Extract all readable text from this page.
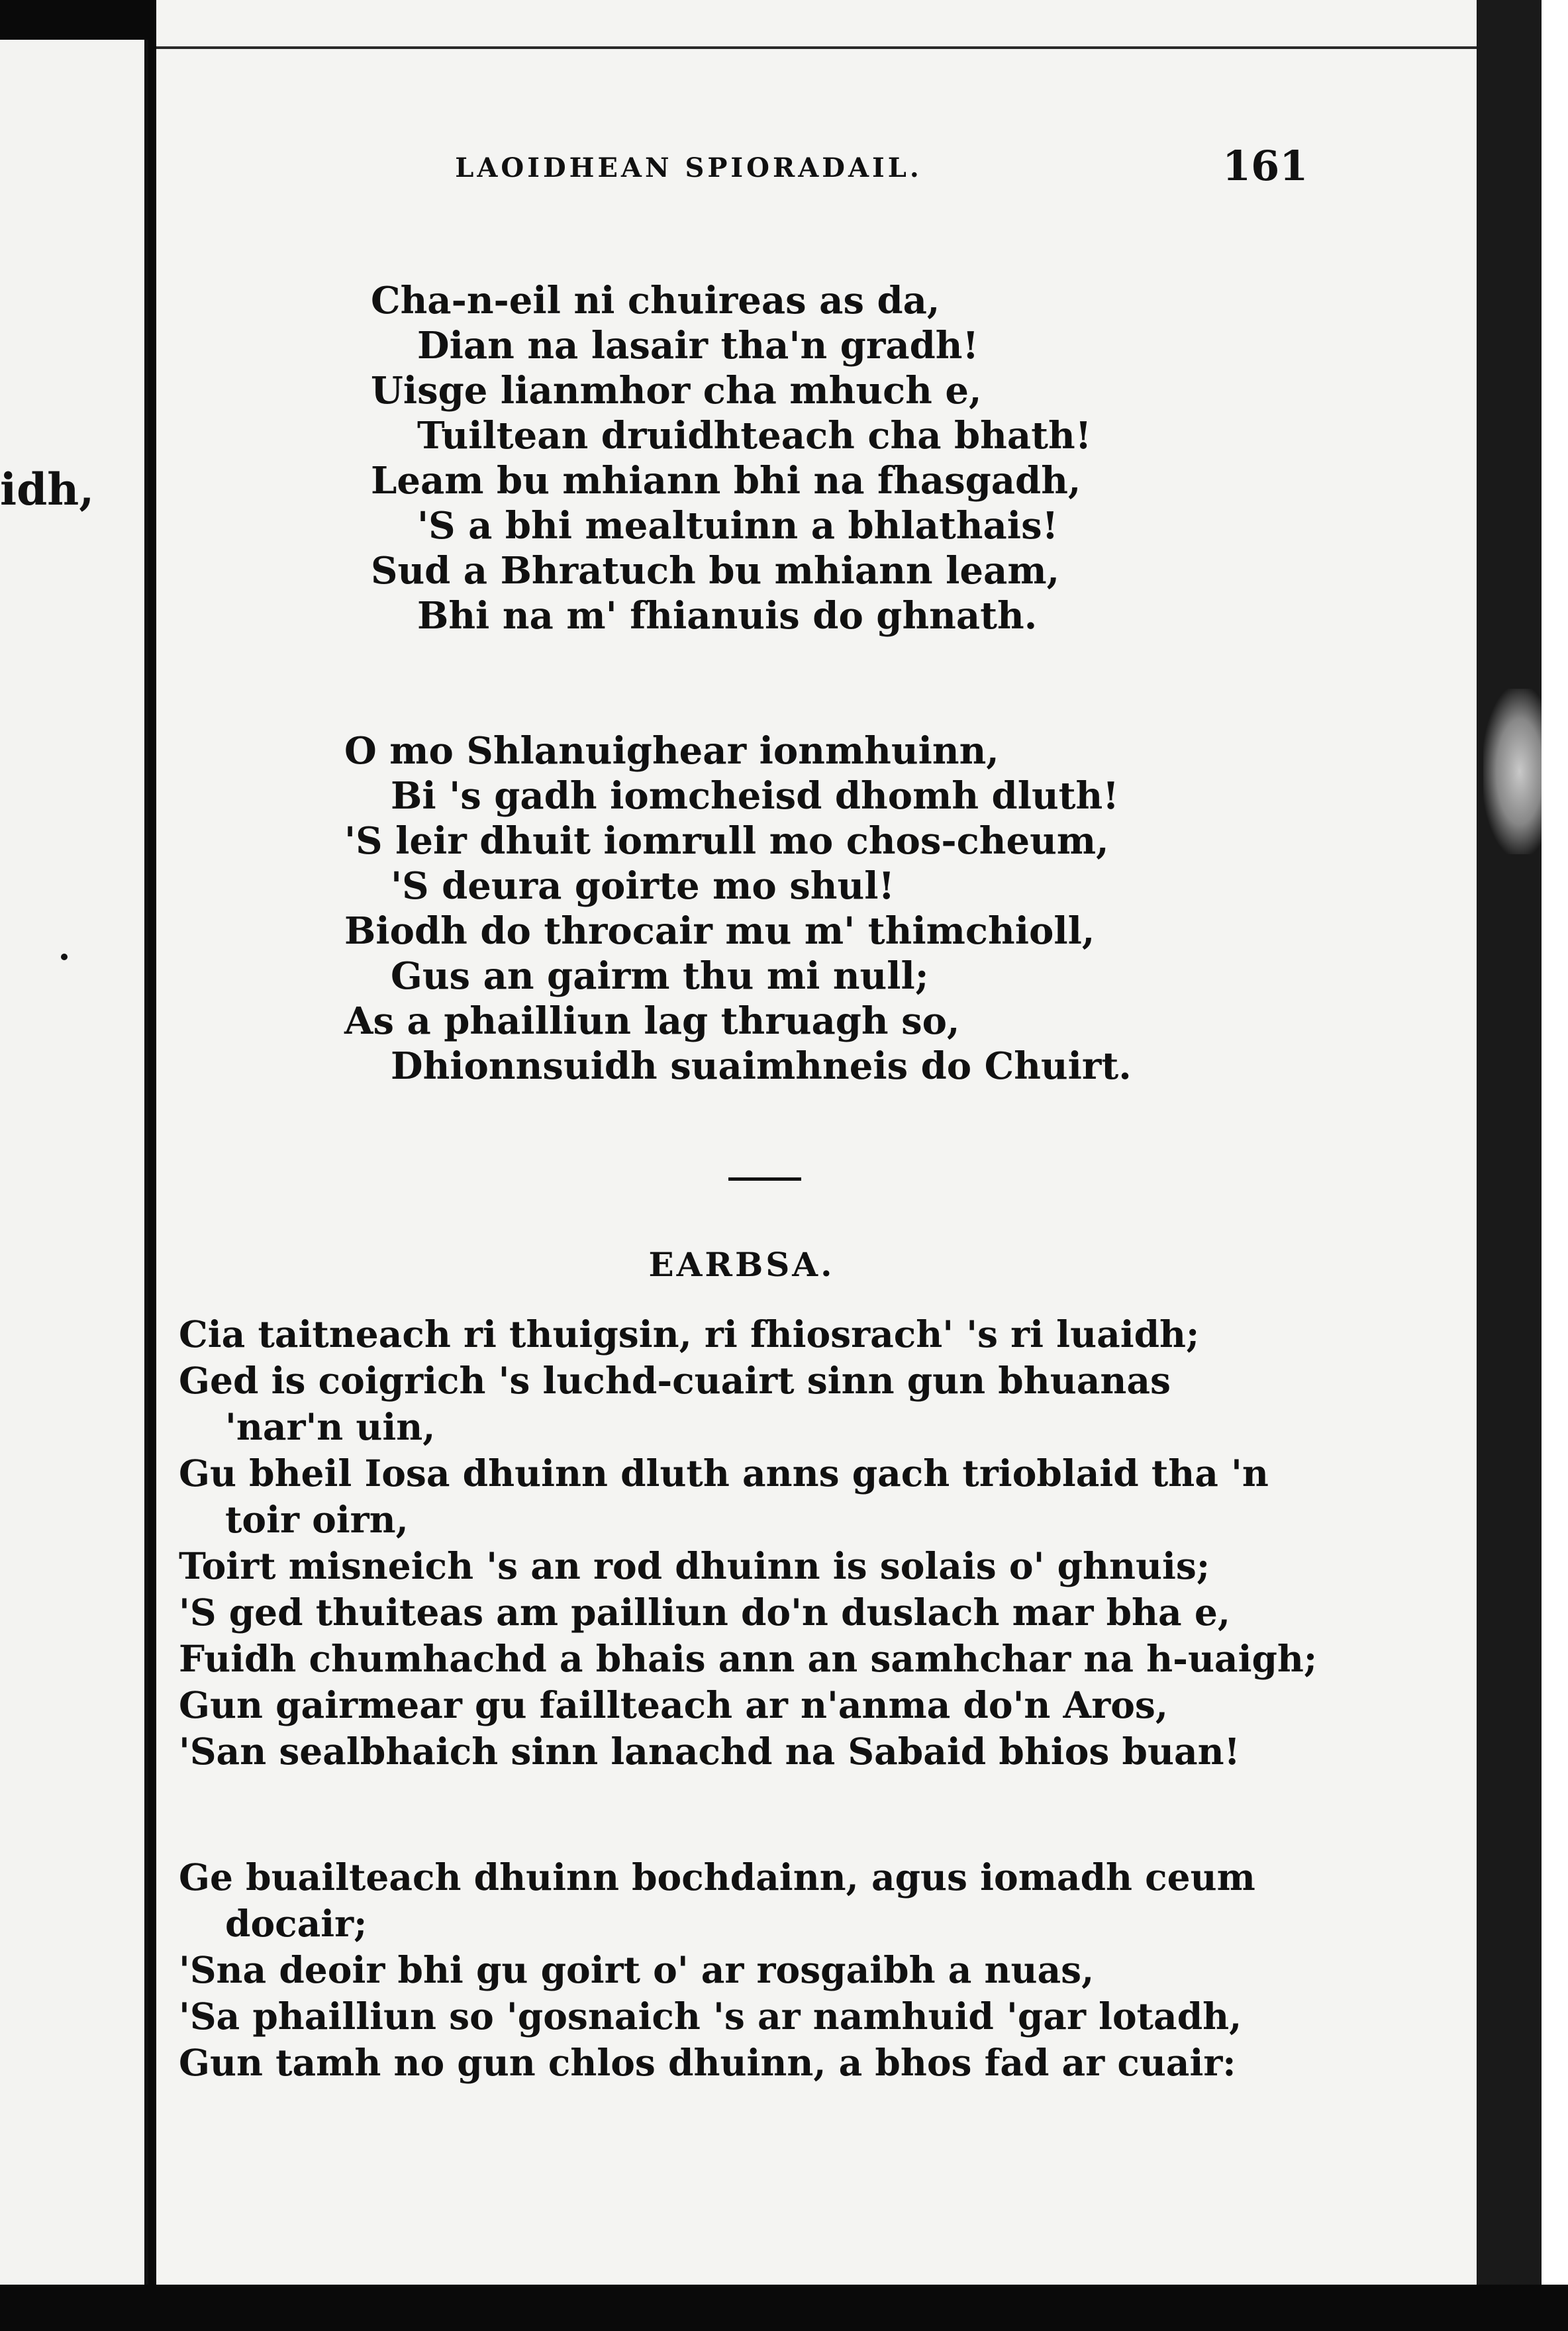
idh,
LAOIDHEAN SPIORADAIL.	161
Cha-n-eil ni chuireas as da,
Dian na lasair tha'n gradh!
Uisge lianmhor cha mhuch e,
Tuiltean druidhteach cha bhath!
Leam bu mhiann bhi na fhasgadh,
'S a bhi mealtuinn a bhlathais!
Sud a Bhratuch bu mhiann leam,
Bhi na m' fhianuis do ghnath.
O mo Shlanuighear ionmhuinn,
Bi 's gadh iomcheisd dhomh dluth!
'S leir dhuit iomrull mo chos-cheum,
'S deura goirte mo shul!
Biodh do throcair mu m' thimchioll,
Gus an gairm thu mi null;
As a phailliun lag thruagh so,
Dhionnsuidh suaimhneis do Chuirt.
EARBSA.
Cia taitneach ri thuigsin, ri fhiosrach' 's ri luaidh;
Ged is coigrich 's luchd-cuairt sinn gun bhuanas
'nar'n uin,
Gu bheil Iosa dhuinn dluth anns gach trioblaid tha 'n
toir oirn,
Toirt misneich 's an rod dhuinn is solais o' ghnuis;
'S ged thuiteas am pailliun do'n duslach mar bha e,
Fuidh chumhachd a bhais ann an samhchar na h-uaigh;
Gun gairmear gu faillteach ar n'anma do'n Aros,
'San sealbhaich sinn lanachd na Sabaid bhios buan!
Ge buailteach dhuinn bochdainn, agus iomadh ceum
docair;
'Sna deoir bhi gu goirt o' ar rosgaibh a nuas,
'Sa phailliun so 'gosnaich 's ar namhuid 'gar lotadh,
Gun tamh no gun chlos dhuinn, a bhos fad ar cuair:
